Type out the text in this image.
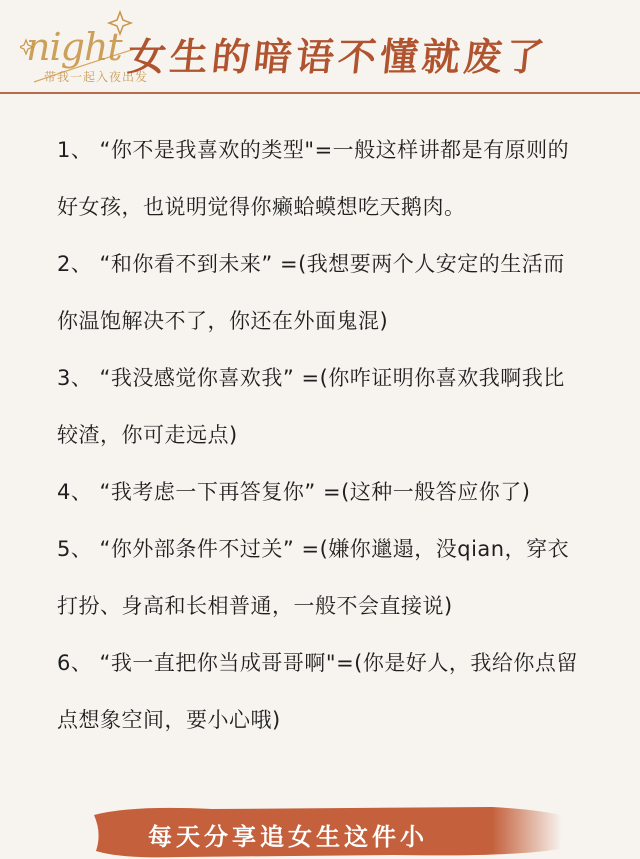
night
带我一起入夜出发
女生的暗语不懂就废了
1、 “你不是我喜欢的类型"=一般这样讲都是有原则的
好女孩，也说明觉得你癞蛤蟆想吃天鹅肉。
2、 “和你看不到未来” =(我想要两个人安定的生活而
你温饱解决不了，你还在外面鬼混)
3、 “我没感觉你喜欢我” =(你咋证明你喜欢我啊我比
较渣，你可走远点)
4、 “我考虑一下再答复你” =(这种一般答应你了)
5、 “你外部条件不过关” =(嫌你邋遢，没qian，穿衣
打扮、身高和长相普通，一般不会直接说)
6、 “我一直把你当成哥哥啊"=(你是好人，我给你点留
点想象空间，要小心哦)
每天分享追女生这件小
